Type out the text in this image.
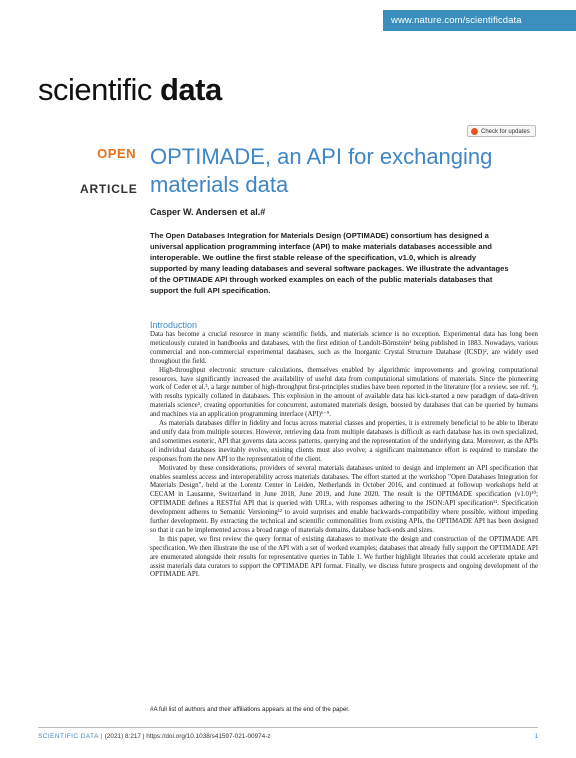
www.nature.com/scientificdata
scientific data
Check for updates
OPEN
ARTICLE
OPTIMADE, an API for exchanging materials data
Casper W. Andersen et al.#

The Open Databases Integration for Materials Design (OPTIMADE) consortium has designed a universal application programming interface (API) to make materials databases accessible and interoperable. We outline the first stable release of the specification, v1.0, which is already supported by many leading databases and several software packages. We illustrate the advantages of the OPTIMADE API through worked examples on each of the public materials databases that support the full API specification.

Introduction

Data has become a crucial resource in many scientific fields, and materials science is no exception. Experimental data has long been meticulously curated in handbooks and databases, with the first edition of Landolt-Börnstein¹ being published in 1883. Nowadays, various commercial and non-commercial experimental databases, such as the Inorganic Crystal Structure Database (ICSD)², are widely used throughout the field.

High-throughput electronic structure calculations, themselves enabled by algorithmic improvements and growing computational resources, have significantly increased the availability of useful data from computational simulations of materials. Since the pioneering work of Ceder et al.³, a large number of high-throughput first-principles studies have been reported in the literature (for a review, see ref. ⁴), with results typically collated in databases. This explosion in the amount of available data has kick-started a new paradigm of data-driven materials science⁵, creating opportunities for concurrent, automated materials design, boosted by databases that can be queried by humans and machines via an application programming interface (API)⁶⁻⁹.

As materials databases differ in fidelity and focus across material classes and properties, it is extremely beneficial to be able to liberate and unify data from multiple sources. However, retrieving data from multiple databases is difficult as each database has its own specialized, and sometimes esoteric, API that governs data access patterns, querying and the representation of the underlying data. Moreover, as the APIs of individual databases inevitably evolve, existing clients must also evolve; a significant maintenance effort is required to translate the responses from the new API to the representation of the client.

Motivated by these considerations, providers of several materials databases united to design and implement an API specification that enables seamless access and interoperability across materials databases. The effort started at the workshop "Open Databases Integration for Materials Design", held at the Lorentz Center in Leiden, Netherlands in October 2016, and continued at followup workshops held at CECAM in Lausanne, Switzerland in June 2018, June 2019, and June 2020. The result is the OPTIMADE specification (v1.0)¹⁰; OPTIMADE defines a RESTful API that is queried with URLs, with responses adhering to the JSON:API specification¹¹. Specification development adheres to Semantic Versioning¹² to avoid surprises and enable backwards-compatibility where possible, without impeding further development. By extracting the technical and scientific commonalities from existing APIs, the OPTIMADE API has been designed so that it can be implemented across a broad range of materials domains, database back-ends and sizes.

In this paper, we first review the query format of existing databases to motivate the design and construction of the OPTIMADE API specification. We then illustrate the use of the API with a set of worked examples; databases that already fully support the OPTIMADE API are enumerated alongside their results for representative queries in Table 1. We further highlight libraries that could accelerate uptake and assist materials data curators to support the OPTIMADE API format. Finally, we discuss future prospects and ongoing development of the OPTIMADE API.

#A full list of authors and their affiliations appears at the end of the paper.
SCIENTIFIC DATA | (2021) 8:217 | https://doi.org/10.1038/s41597-021-00974-z	1
